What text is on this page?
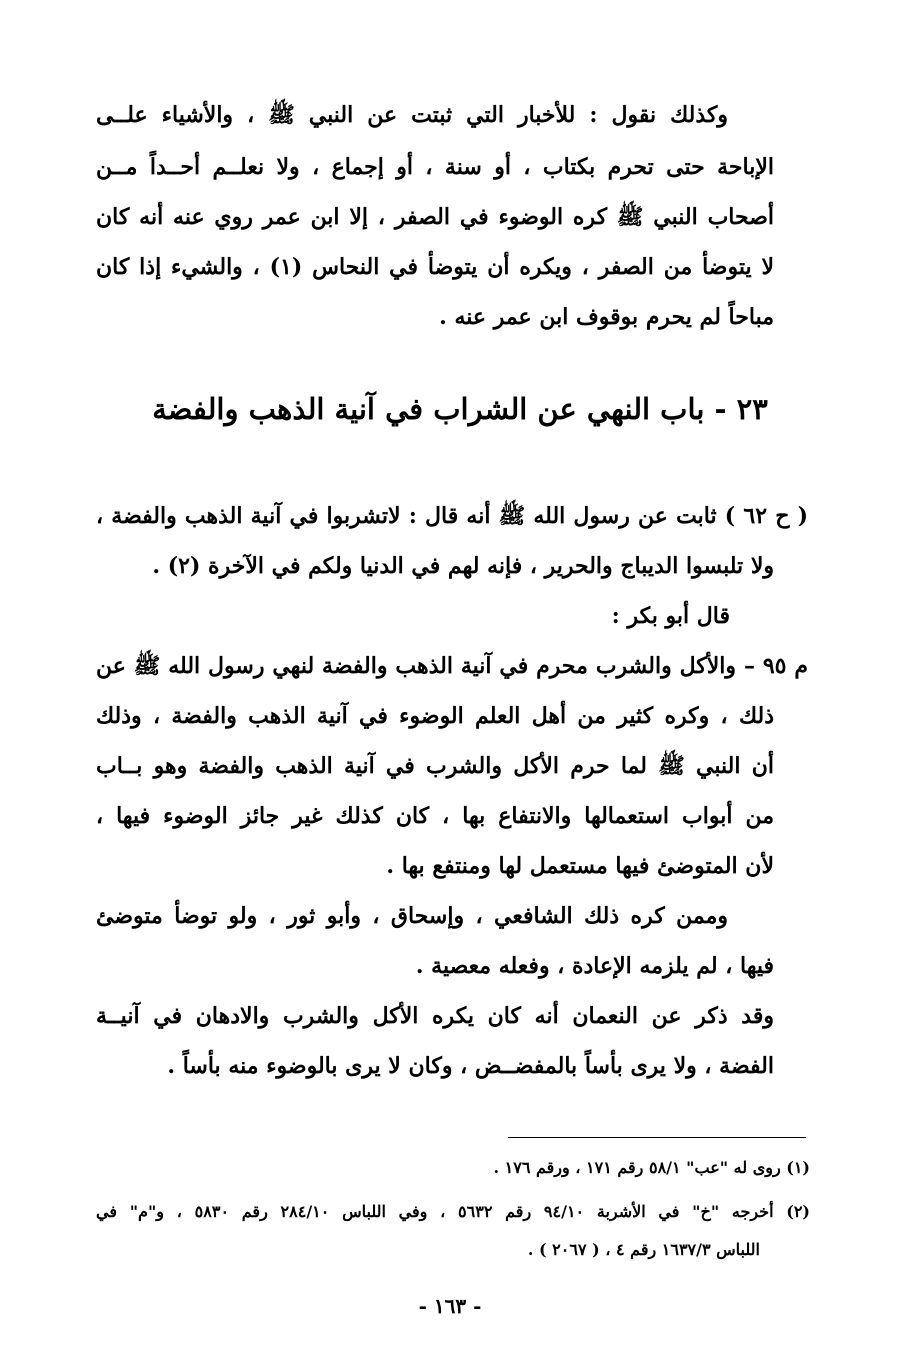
وكذلك نقول : للأخبار التي ثبتت عن النبي ﷺ ، والأشياء علــى
الإباحة حتى تحرم بكتاب ، أو سنة ، أو إجماع ، ولا نعلــم أحــداً مــن
أصحاب النبي ﷺ كره الوضوء في الصفر ، إلا ابن عمر روي عنه أنه كان
لا يتوضأ من الصفر ، ويكره أن يتوضأ في النحاس (١) ، والشيء إذا كان
مباحاً لم يحرم بوقوف ابن عمر عنه .
٢٣ - باب النهي عن الشراب في آنية الذهب والفضة
( ح ٦٢ ) ثابت عن رسول الله ﷺ أنه قال : لاتشربوا في آنية الذهب والفضة ،
ولا تلبسوا الديباج والحرير ، فإنه لهم في الدنيا ولكم في الآخرة (٢) .
قال أبو بكر :
م ٩٥ – والأكل والشرب محرم في آنية الذهب والفضة لنهي رسول الله ﷺ عن
ذلك ، وكره كثير من أهل العلم الوضوء في آنية الذهب والفضة ، وذلك
أن النبي ﷺ لما حرم الأكل والشرب في آنية الذهب والفضة وهو بــاب
من أبواب استعمالها والانتفاع بها ، كان كذلك غير جائز الوضوء فيها ،
لأن المتوضئ فيها مستعمل لها ومنتفع بها .
وممن كره ذلك الشافعي ، وإسحاق ، وأبو ثور ، ولو توضأ متوضئ
فيها ، لم يلزمه الإعادة ، وفعله معصية .
وقد ذكر عن النعمان أنه كان يكره الأكل والشرب والادهان في آنيــة
الفضة ، ولا يرى بأساً بالمفضــض ، وكان لا يرى بالوضوء منه بأساً .
(١) روى له "عب" ٥٨/١ رقم ١٧١ ، ورقم ١٧٦ .
(٢) أخرجه "خ" في الأشربة ٩٤/١٠ رقم ٥٦٣٢ ، وفي اللباس ٢٨٤/١٠ رقم ٥٨٣٠ ، و"م" في
اللباس ١٦٣٧/٣ رقم ٤ ، ( ٢٠٦٧ ) .
- ١٦٣ -
